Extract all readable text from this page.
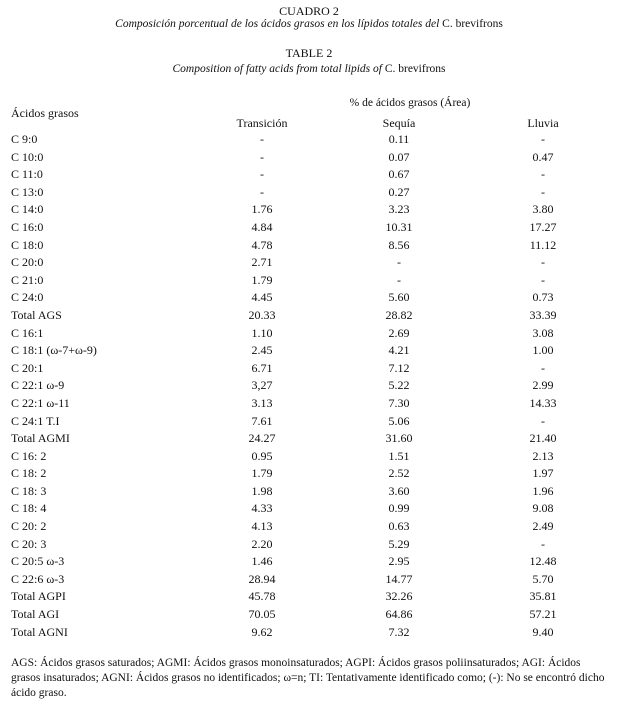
CUADRO 2
Composición porcentual de los ácidos grasos en los lípidos totales del C. brevifrons
TABLE 2
Composition of fatty acids from total lipids of C. brevifrons
% de ácidos grasos (Área)
Ácidos grasos
Transición	Sequía	Lluvia
C 9:0	-	0.11	-
C 10:0	-	0.07	0.47
C 11:0	-	0.67	-
C 13:0	-	0.27	-
C 14:0	1.76	3.23	3.80
C 16:0	4.84	10.31	17.27
C 18:0	4.78	8.56	11.12
C 20:0	2.71	-	-
C 21:0	1.79	-	-
C 24:0	4.45	5.60	0.73
Total AGS	20.33	28.82	33.39
C 16:1	1.10	2.69	3.08
C 18:1 (ω-7+ω-9)	2.45	4.21	1.00
C 20:1	6.71	7.12	-
C 22:1 ω-9	3,27	5.22	2.99
C 22:1 ω-11	3.13	7.30	14.33
C 24:1 T.I	7.61	5.06	-
Total AGMI	24.27	31.60	21.40
C 16: 2	0.95	1.51	2.13
C 18: 2	1.79	2.52	1.97
C 18: 3	1.98	3.60	1.96
C 18: 4	4.33	0.99	9.08
C 20: 2	4.13	0.63	2.49
C 20: 3	2.20	5.29	-
C 20:5 ω-3	1.46	2.95	12.48
C 22:6 ω-3	28.94	14.77	5.70
Total AGPI	45.78	32.26	35.81
Total AGI	70.05	64.86	57.21
Total AGNI	9.62	7.32	9.40
AGS: Ácidos grasos saturados; AGMI: Ácidos grasos monoinsaturados; AGPI: Ácidos grasos poliinsaturados; AGI: Ácidos grasos insaturados; AGNI: Ácidos grasos no identificados; ω=n; TI: Tentativamente identificado como; (-): No se encontró dicho ácido graso.
